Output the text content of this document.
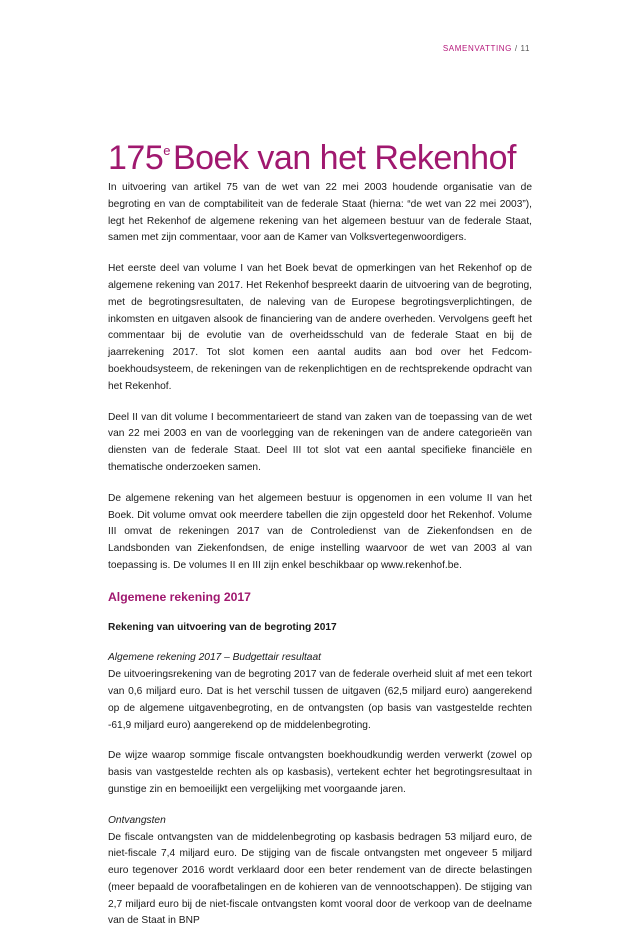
SAMENVATTING / 11
175eBoek van het Rekenhof

In uitvoering van artikel 75 van de wet van 22 mei 2003 houdende organisatie van de begroting en van de comptabiliteit van de federale Staat (hierna: “de wet van 22 mei 2003”), legt het Rekenhof de algemene rekening van het algemeen bestuur van de federale Staat, samen met zijn commentaar, voor aan de Kamer van Volksvertegenwoordigers.

Het eerste deel van volume I van het Boek bevat de opmerkingen van het Rekenhof op de algemene rekening van 2017. Het Rekenhof bespreekt daarin de uitvoering van de begroting, met de begrotingsresultaten, de naleving van de Europese begrotingsverplichtingen, de inkomsten en uitgaven alsook de financiering van de andere overheden. Vervolgens geeft het commentaar bij de evolutie van de overheidsschuld van de federale Staat en bij de jaarrekening 2017. Tot slot komen een aantal audits aan bod over het Fedcom-boekhoudsysteem, de rekeningen van de rekenplichtigen en de rechtsprekende opdracht van het Rekenhof.

Deel II van dit volume I becommentarieert de stand van zaken van de toepassing van de wet van 22 mei 2003 en van de voorlegging van de rekeningen van de andere categorieën van diensten van de federale Staat. Deel III tot slot vat een aantal specifieke financiële en thematische onderzoeken samen.

De algemene rekening van het algemeen bestuur is opgenomen in een volume II van het Boek. Dit volume omvat ook meerdere tabellen die zijn opgesteld door het Rekenhof. Volume III omvat de rekeningen 2017 van de Controledienst van de Ziekenfondsen en de Landsbonden van Ziekenfondsen, de enige instelling waarvoor de wet van 2003 al van toepassing is. De volumes II en III zijn enkel beschikbaar op www.rekenhof.be.

Algemene rekening 2017
Rekening van uitvoering van de begroting 2017

Algemene rekening 2017 – Budgettair resultaat
De uitvoeringsrekening van de begroting 2017 van de federale overheid sluit af met een tekort van 0,6 miljard euro. Dat is het verschil tussen de uitgaven (62,5 miljard euro) aangerekend op de algemene uitgavenbegroting, en de ontvangsten (op basis van vastgestelde rechten -61,9 miljard euro) aangerekend op de middelenbegroting.

De wijze waarop sommige fiscale ontvangsten boekhoudkundig werden verwerkt (zowel op basis van vastgestelde rechten als op kasbasis), vertekent echter het begrotingsresultaat in gunstige zin en bemoeilijkt een vergelijking met voorgaande jaren.

Ontvangsten
De fiscale ontvangsten van de middelenbegroting op kasbasis bedragen 53 miljard euro, de niet-fiscale 7,4 miljard euro. De stijging van de fiscale ontvangsten met ongeveer 5 miljard euro tegenover 2016 wordt verklaard door een beter rendement van de directe belastingen (meer bepaald de voorafbetalingen en de kohieren van de vennootschappen). De stijging van 2,7 miljard euro bij de niet-fiscale ontvangsten komt vooral door de verkoop van de deelname van de Staat in BNP
